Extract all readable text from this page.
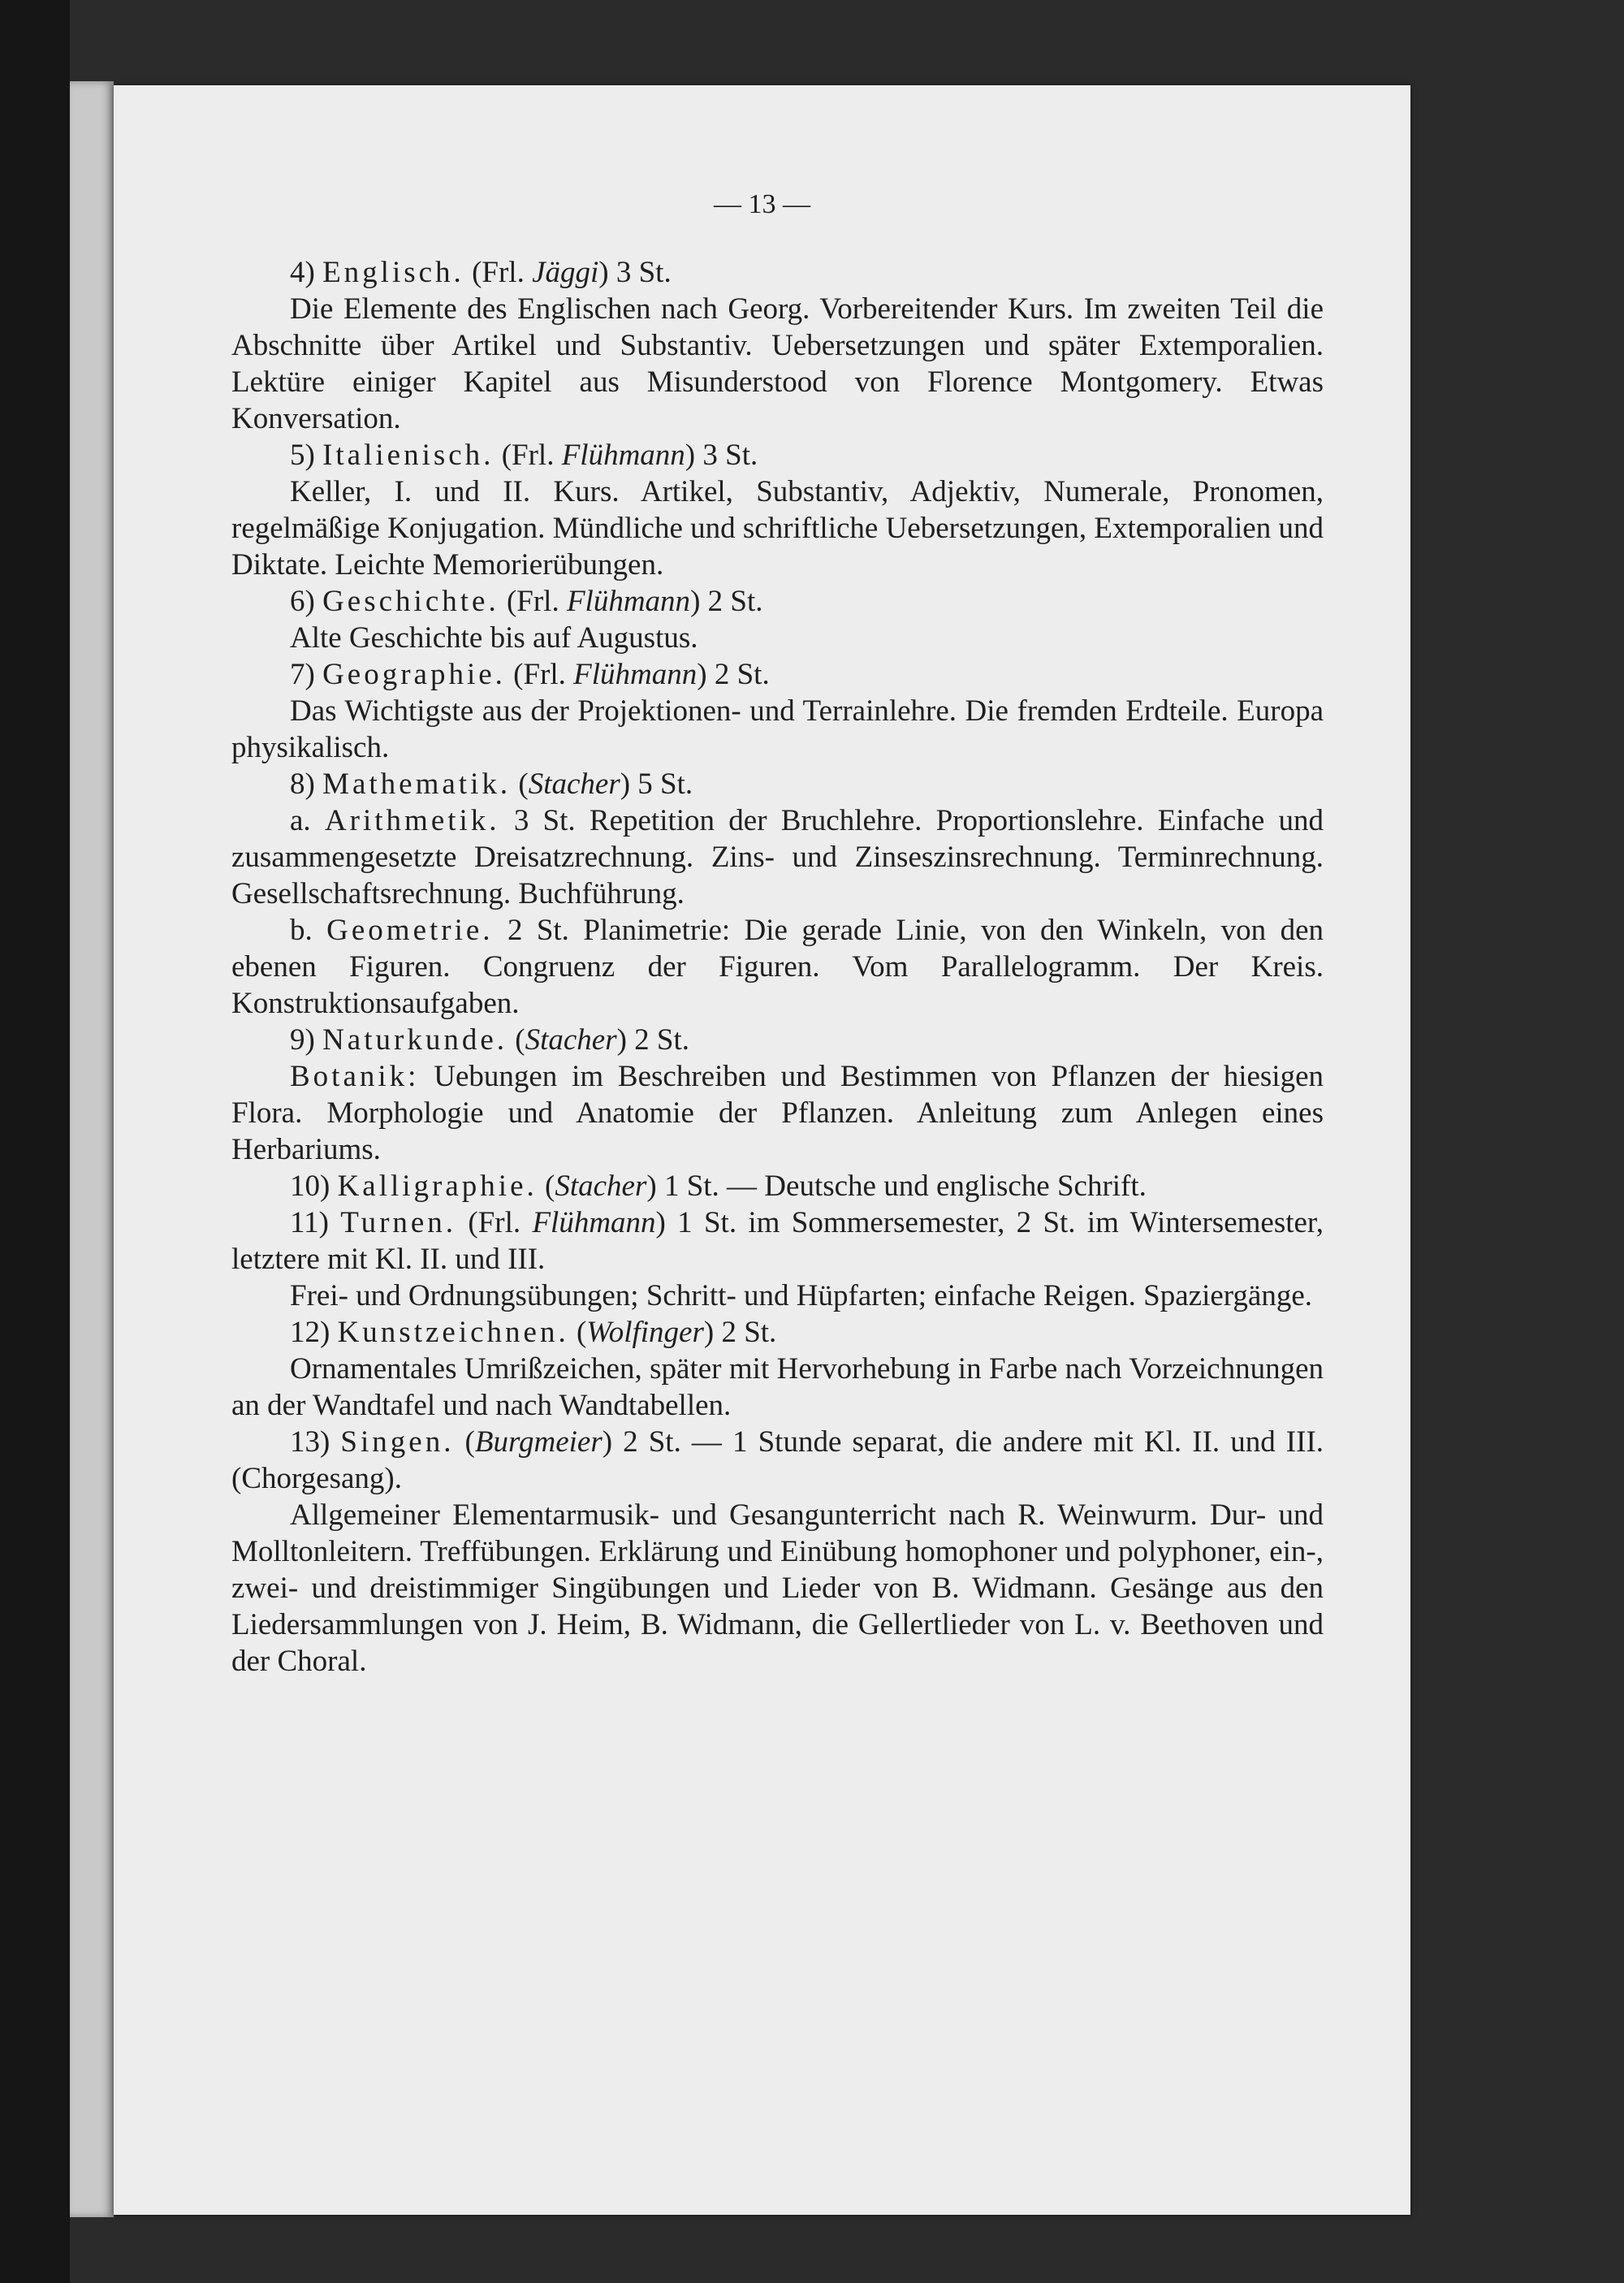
— 13 —

4) Englisch. (Frl. Jäggi) 3 St.

Die Elemente des Englischen nach Georg. Vorbereitender Kurs. Im zweiten Teil die Abschnitte über Artikel und Substantiv. Uebersetzungen und später Extemporalien. Lektüre einiger Kapitel aus Misunderstood von Florence Montgomery. Etwas Konversation.

5) Italienisch. (Frl. Flühmann) 3 St.

Keller, I. und II. Kurs. Artikel, Substantiv, Adjektiv, Numerale, Pronomen, regelmäßige Konjugation. Mündliche und schriftliche Uebersetzungen, Extemporalien und Diktate. Leichte Memorierübungen.

6) Geschichte. (Frl. Flühmann) 2 St.

Alte Geschichte bis auf Augustus.

7) Geographie. (Frl. Flühmann) 2 St.

Das Wichtigste aus der Projektionen- und Terrainlehre. Die fremden Erdteile. Europa physikalisch.

8) Mathematik. (Stacher) 5 St.

a. Arithmetik. 3 St. Repetition der Bruchlehre. Proportionslehre. Einfache und zusammengesetzte Dreisatzrechnung. Zins- und Zinseszinsrechnung. Terminrechnung. Gesellschaftsrechnung. Buchführung.

b. Geometrie. 2 St. Planimetrie: Die gerade Linie, von den Winkeln, von den ebenen Figuren. Congruenz der Figuren. Vom Parallelogramm. Der Kreis. Konstruktionsaufgaben.

9) Naturkunde. (Stacher) 2 St.

Botanik: Uebungen im Beschreiben und Bestimmen von Pflanzen der hiesigen Flora. Morphologie und Anatomie der Pflanzen. Anleitung zum Anlegen eines Herbariums.

10) Kalligraphie. (Stacher) 1 St. — Deutsche und englische Schrift.

11) Turnen. (Frl. Flühmann) 1 St. im Sommersemester, 2 St. im Wintersemester, letztere mit Kl. II. und III.

Frei- und Ordnungsübungen; Schritt- und Hüpfarten; einfache Reigen. Spaziergänge.

12) Kunstzeichnen. (Wolfinger) 2 St.

Ornamentales Umrißzeichen, später mit Hervorhebung in Farbe nach Vorzeichnungen an der Wandtafel und nach Wandtabellen.

13) Singen. (Burgmeier) 2 St. — 1 Stunde separat, die andere mit Kl. II. und III. (Chorgesang).

Allgemeiner Elementarmusik- und Gesangunterricht nach R. Weinwurm. Dur- und Molltonleitern. Treffübungen. Erklärung und Einübung homophoner und polyphoner, ein-, zwei- und dreistimmiger Singübungen und Lieder von B. Widmann. Gesänge aus den Liedersammlungen von J. Heim, B. Widmann, die Gellertlieder von L. v. Beethoven und der Choral.
